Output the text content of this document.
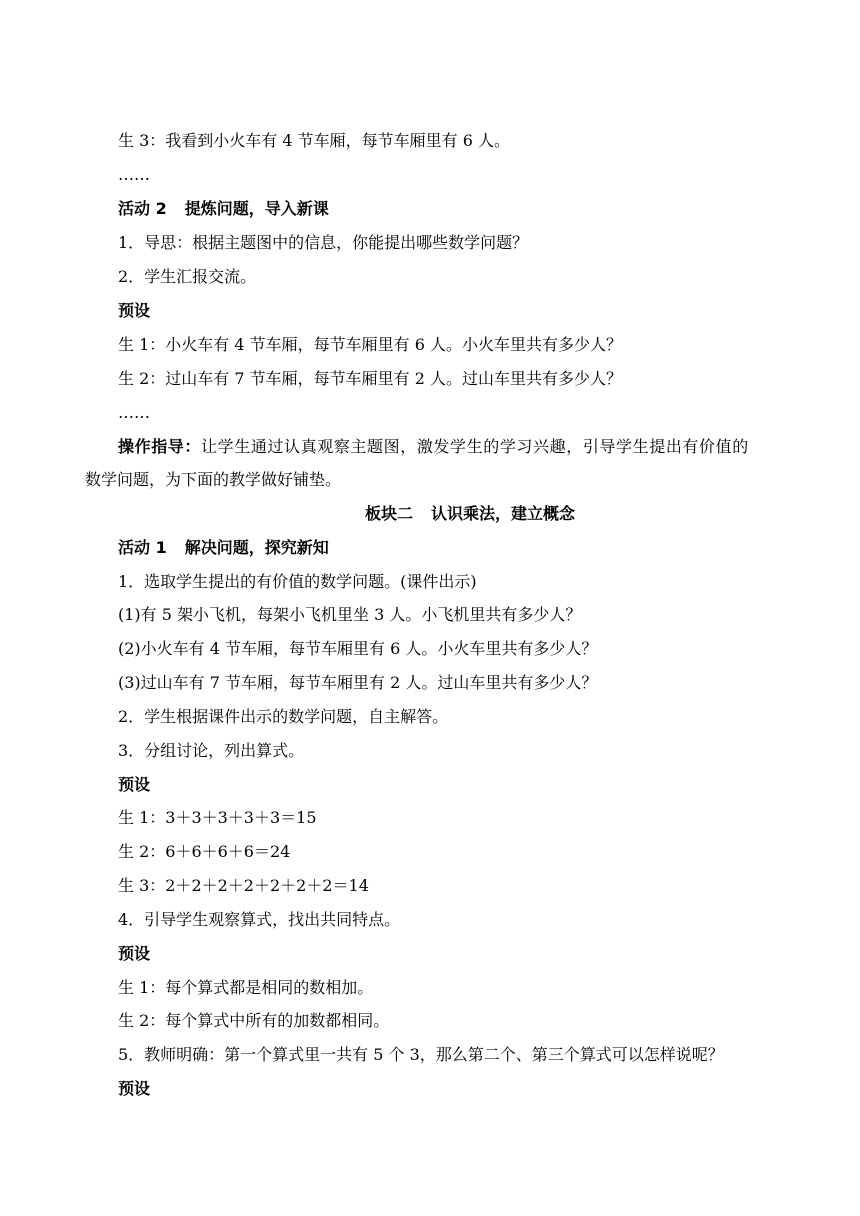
生 3：我看到小火车有 4 节车厢，每节车厢里有 6 人。
……
活动 2 提炼问题，导入新课
1．导思：根据主题图中的信息，你能提出哪些数学问题？
2．学生汇报交流。
预设
生 1：小火车有 4 节车厢，每节车厢里有 6 人。小火车里共有多少人？
生 2：过山车有 7 节车厢，每节车厢里有 2 人。过山车里共有多少人？
……
操作指导：让学生通过认真观察主题图，激发学生的学习兴趣，引导学生提出有价值的
数学问题，为下面的教学做好铺垫。
板块二 认识乘法，建立概念
活动 1 解决问题，探究新知
1．选取学生提出的有价值的数学问题。(课件出示)
(1)有 5 架小飞机，每架小飞机里坐 3 人。小飞机里共有多少人？
(2)小火车有 4 节车厢，每节车厢里有 6 人。小火车里共有多少人？
(3)过山车有 7 节车厢，每节车厢里有 2 人。过山车里共有多少人？
2．学生根据课件出示的数学问题，自主解答。
3．分组讨论，列出算式。
预设
生 1：3＋3＋3＋3＋3＝15
生 2：6＋6＋6＋6＝24
生 3：2＋2＋2＋2＋2＋2＋2＝14
4．引导学生观察算式，找出共同特点。
预设
生 1：每个算式都是相同的数相加。
生 2：每个算式中所有的加数都相同。
5．教师明确：第一个算式里一共有 5 个 3，那么第二个、第三个算式可以怎样说呢？
预设
